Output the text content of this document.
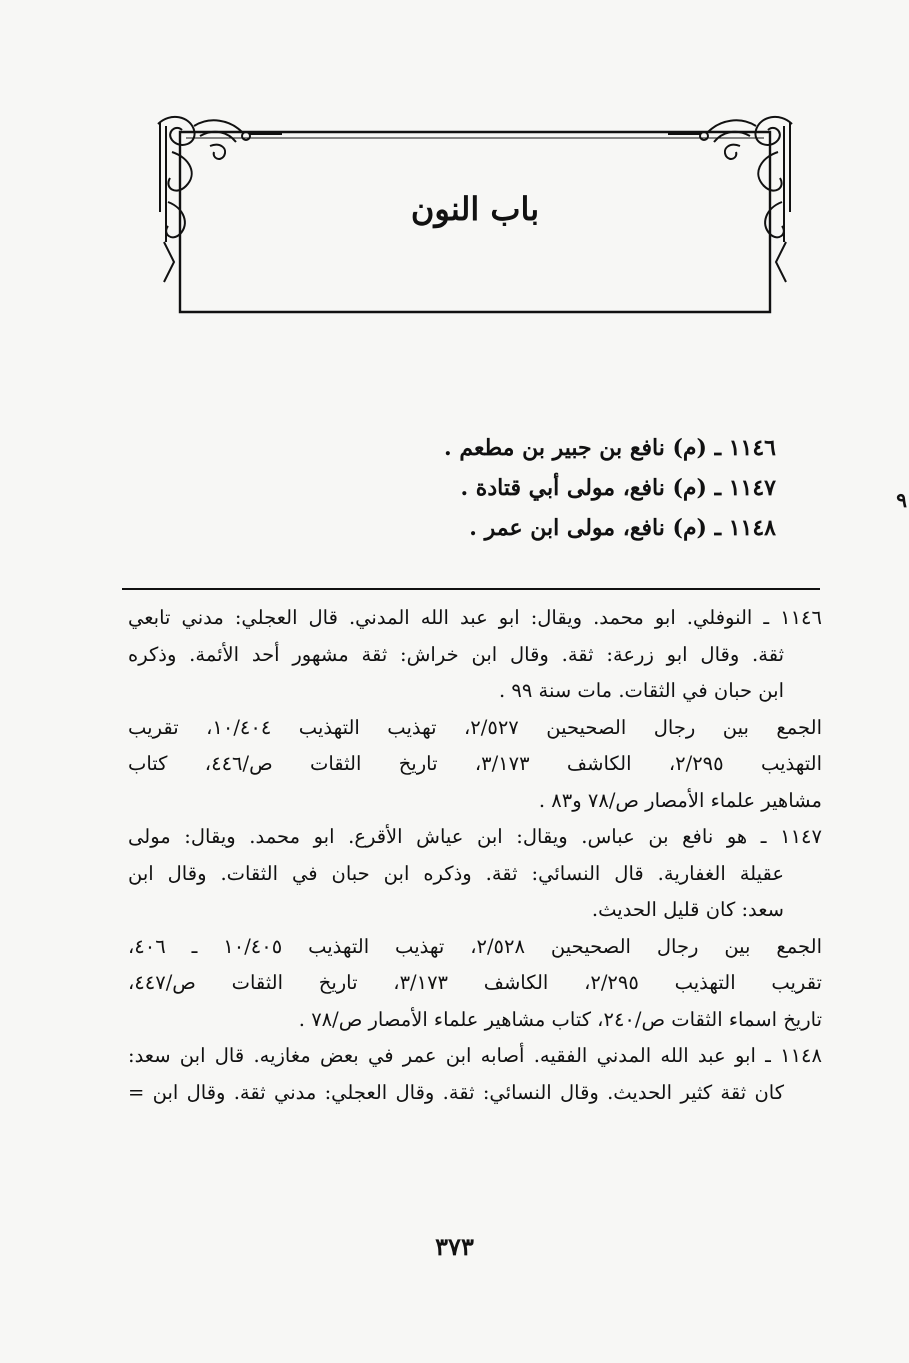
باب النون
١١٤٦ ـ (م) نافع بن جبير بن مطعم .
١١٤٧ ـ (م) نافع، مولى أبي قتادة .
١١٤٨ ـ (م) نافع، مولى ابن عمر .
٩
١١٤٦ ـ النوفلي. ابو محمد. ويقال: ابو عبد الله المدني. قال العجلي: مدني تابعي
ثقة. وقال ابو زرعة: ثقة. وقال ابن خراش: ثقة مشهور أحد الأئمة. وذكره
ابن حبان في الثقات. مات سنة ٩٩ .
الجمع بين رجال الصحيحين ٢/٥٢٧، تهذيب التهذيب ١٠/٤٠٤، تقريب
التهذيب ٢/٢٩٥، الكاشف ٣/١٧٣، تاريخ الثقات ص/٤٤٦، كتاب
مشاهير علماء الأمصار ص/٧٨ و٨٣ .
١١٤٧ ـ هو نافع بن عباس. ويقال: ابن عياش الأقرع. ابو محمد. ويقال: مولى
عقيلة الغفارية. قال النسائي: ثقة. وذكره ابن حبان في الثقات. وقال ابن
سعد: كان قليل الحديث.
الجمع بين رجال الصحيحين ٢/٥٢٨، تهذيب التهذيب ١٠/٤٠٥ ـ ٤٠٦،
تقريب التهذيب ٢/٢٩٥، الكاشف ٣/١٧٣، تاريخ الثقات ص/٤٤٧،
تاريخ اسماء الثقات ص/٢٤٠، كتاب مشاهير علماء الأمصار ص/٧٨ .
١١٤٨ ـ ابو عبد الله المدني الفقيه. أصابه ابن عمر في بعض مغازيه. قال ابن سعد:
كان ثقة كثير الحديث. وقال النسائي: ثقة. وقال العجلي: مدني ثقة. وقال ابن =
٣٧٣
